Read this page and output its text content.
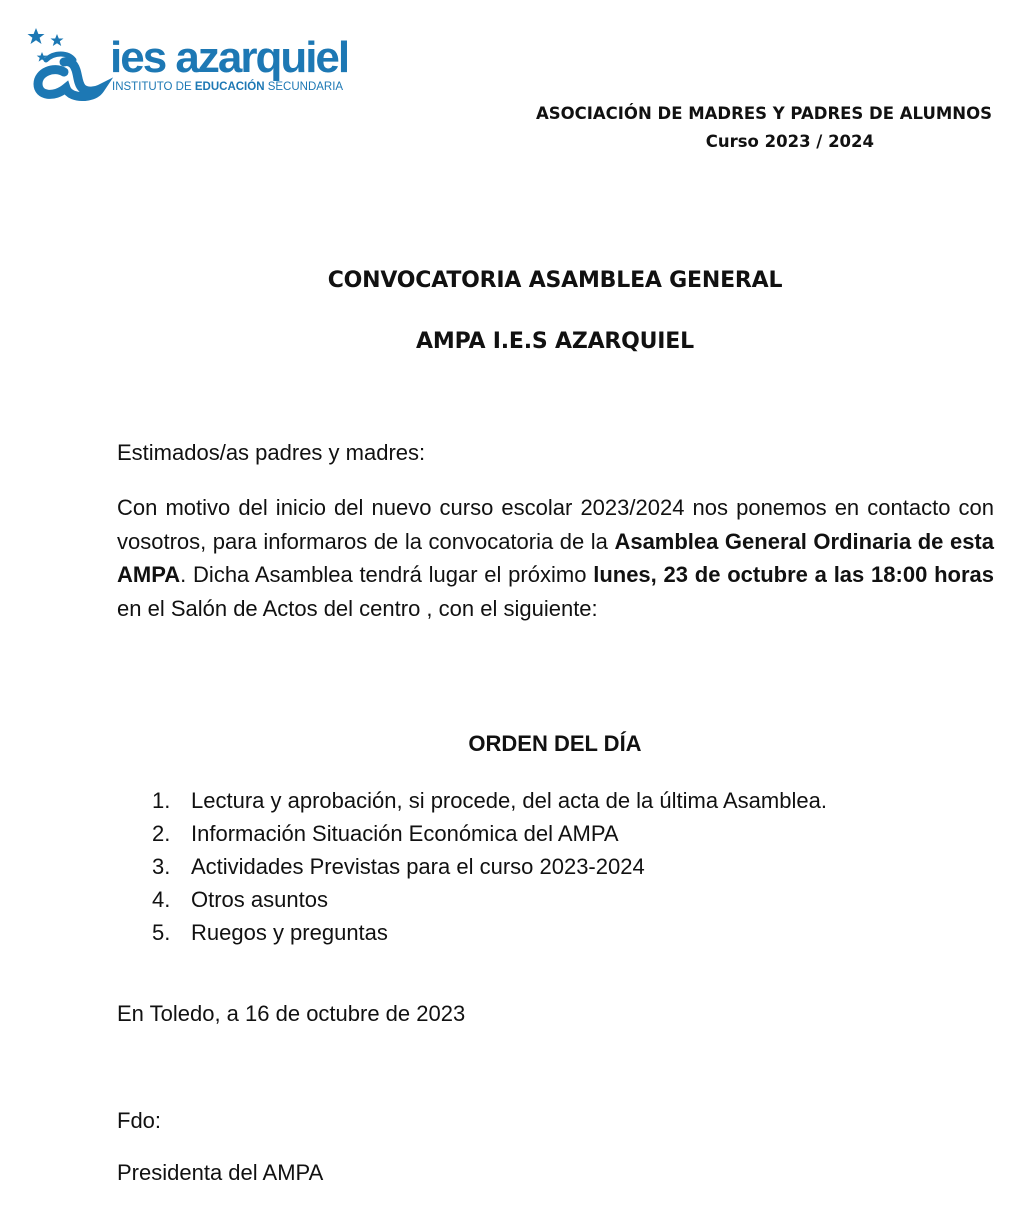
ies azarquiel
INSTITUTO DE EDUCACIÓN SECUNDARIA
ASOCIACIÓN DE MADRES Y PADRES DE ALUMNOS
Curso 2023 / 2024
CONVOCATORIA ASAMBLEA GENERAL
AMPA I.E.S AZARQUIEL
Estimados/as padres y madres:
Con motivo del inicio del nuevo curso escolar 2023/2024 nos ponemos en contacto con vosotros, para informaros de la convocatoria de la Asamblea General Ordinaria de esta AMPA. Dicha Asamblea tendrá lugar el próximo lunes, 23 de octubre a las 18:00 horas en el Salón de Actos del centro , con el siguiente:
ORDEN DEL DÍA
1. Lectura y aprobación, si procede, del acta de la última Asamblea.
2. Información Situación Económica del AMPA
3. Actividades Previstas para el curso 2023-2024
4. Otros asuntos
5. Ruegos y preguntas
En Toledo, a 16 de octubre de 2023
Fdo:
Presidenta del AMPA
